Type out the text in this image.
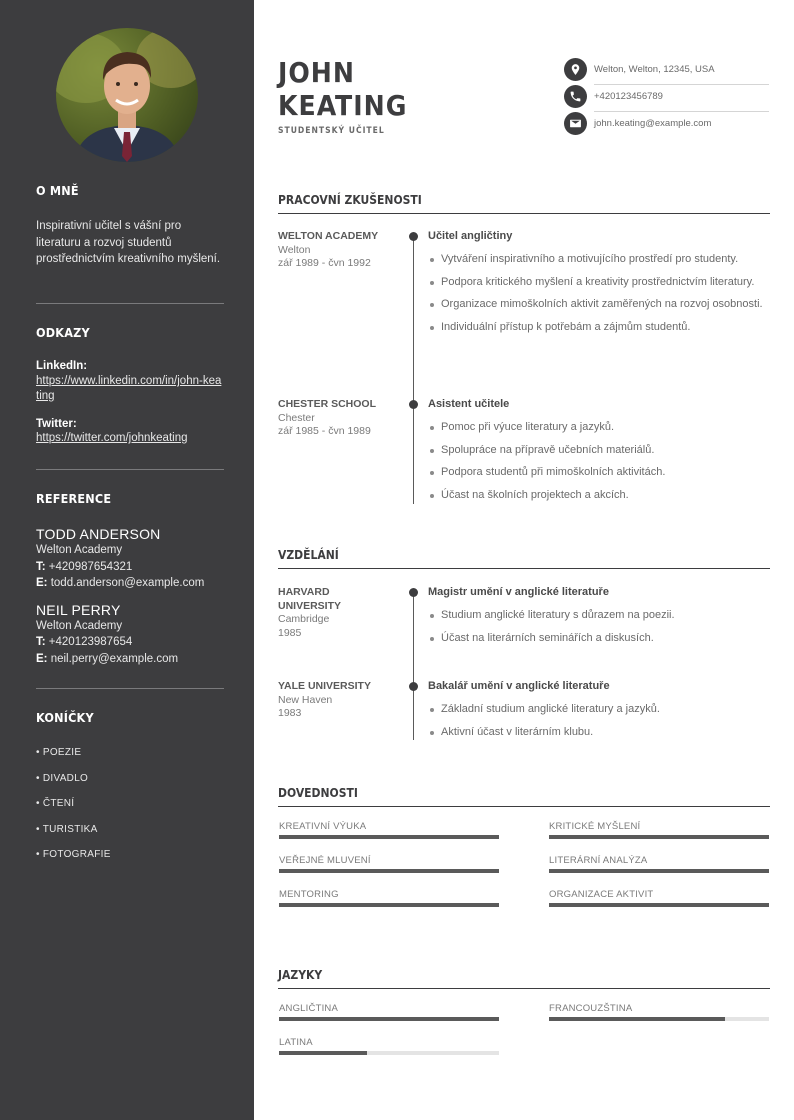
O MNĚ
Inspirativní učitel s vášní pro literaturu a rozvoj studentů prostřednictvím kreativního myšlení.
ODKAZY
LinkedIn:
https://www.linkedin.com/in/john-keating
Twitter:
https://twitter.com/johnkeating
REFERENCE
TODD ANDERSON
Welton Academy
T: +420987654321
E: todd.anderson@example.com
NEIL PERRY
Welton Academy
T: +420123987654
E: neil.perry@example.com
KONÍČKY
• POEZIE
• DIVADLO
• ČTENÍ
• TURISTIKA
• FOTOGRAFIE
JOHN
KEATING
STUDENTSKÝ UČITEL
Welton, Welton, 12345, USA
+420123456789
john.keating@example.com
PRACOVNÍ ZKUŠENOSTI
WELTON ACADEMY
Welton
zář 1989 - čvn 1992
Učitel angličtiny
Vytváření inspirativního a motivujícího prostředí pro studenty.
Podpora kritického myšlení a kreativity prostřednictvím literatury.
Organizace mimoškolních aktivit zaměřených na rozvoj osobnosti.
Individuální přístup k potřebám a zájmům studentů.
CHESTER SCHOOL
Chester
zář 1985 - čvn 1989
Asistent učitele
Pomoc při výuce literatury a jazyků.
Spolupráce na přípravě učebních materiálů.
Podpora studentů při mimoškolních aktivitách.
Účast na školních projektech a akcích.
VZDĚLÁNÍ
HARVARD UNIVERSITY
Cambridge
1985
Magistr umění v anglické literatuře
Studium anglické literatury s důrazem na poezii.
Účast na literárních seminářích a diskusích.
YALE UNIVERSITY
New Haven
1983
Bakalář umění v anglické literatuře
Základní studium anglické literatury a jazyků.
Aktivní účast v literárním klubu.
DOVEDNOSTI
KREATIVNÍ VÝUKA	KRITICKÉ MYŠLENÍ
VEŘEJNÉ MLUVENÍ	LITERÁRNÍ ANALÝZA
MENTORING	ORGANIZACE AKTIVIT
JAZYKY
ANGLIČTINA	FRANCOUZŠTINA
LATINA
